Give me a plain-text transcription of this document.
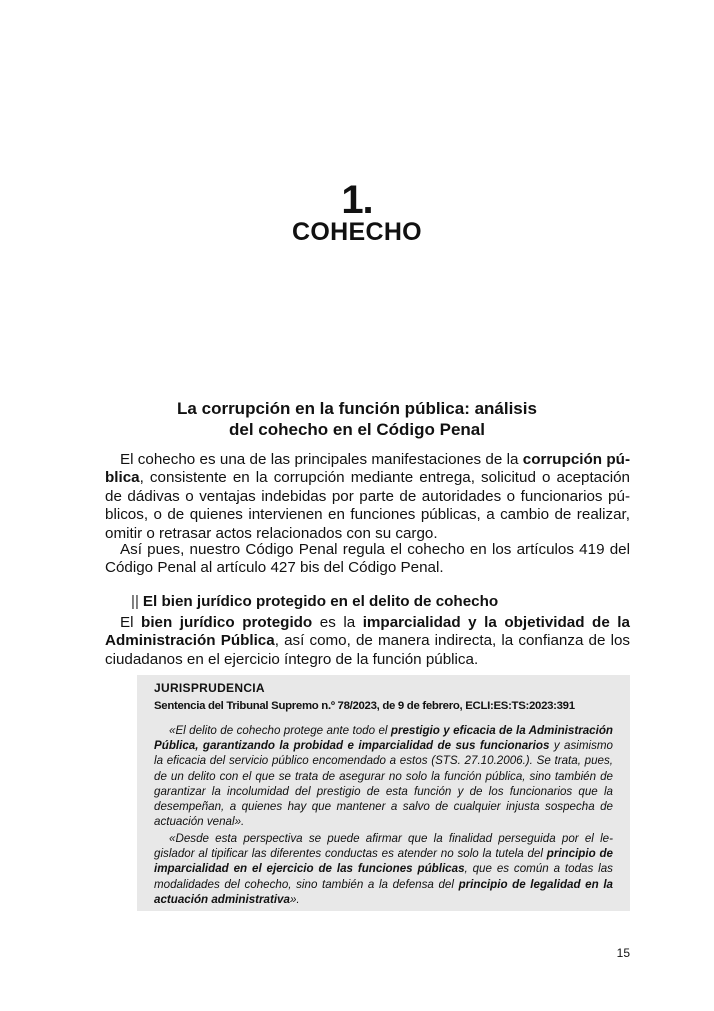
1.
COHECHO
La corrupción en la función pública: análisis
del cohecho en el Código Penal

El cohecho es una de las principales manifestaciones de la corrupción pública, consistente en la corrupción mediante entrega, solicitud o aceptación de dádivas o ventajas indebidas por parte de autoridades o funcionarios públicos, o de quienes intervienen en funciones públicas, a cambio de realizar, omitir o retrasar actos relacionados con su cargo.

Así pues, nuestro Código Penal regula el cohecho en los artículos 419 del Código Penal al artículo 427 bis del Código Penal.

|| El bien jurídico protegido en el delito de cohecho

El bien jurídico protegido es la imparcialidad y la objetividad de la Administración Pública, así como, de manera indirecta, la confianza de los ciudadanos en el ejercicio íntegro de la función pública.

JURISPRUDENCIA
Sentencia del Tribunal Supremo n.º 78/2023, de 9 de febrero, ECLI:ES:TS:2023:391

«El delito de cohecho protege ante todo el prestigio y eficacia de la Administración Pública, garantizando la probidad e imparcialidad de sus funcionarios y asimismo la eficacia del servicio público encomendado a estos (STS. 27.10.2006.). Se trata, pues, de un delito con el que se trata de asegurar no solo la función pública, sino también de garantizar la incolumidad del prestigio de esta función y de los funcionarios que la desempeñan, a quienes hay que mantener a salvo de cualquier injusta sospecha de actuación venal».

«Desde esta perspectiva se puede afirmar que la finalidad perseguida por el legislador al tipificar las diferentes conductas es atender no solo la tutela del principio de imparcialidad en el ejercicio de las funciones públicas, que es común a todas las modalidades del cohecho, sino también a la defensa del principio de legalidad en la actuación administrativa».

15
